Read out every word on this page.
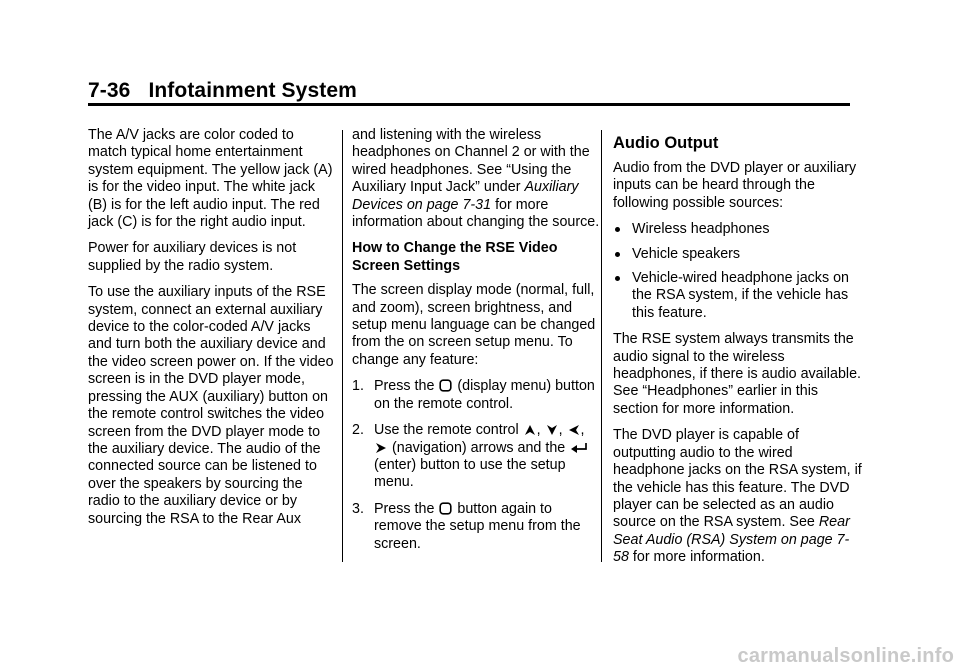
7-36 Infotainment System

The A/V jacks are color coded to match typical home entertainment system equipment. The yellow jack (A) is for the video input. The white jack (B) is for the left audio input. The red jack (C) is for the right audio input.

Power for auxiliary devices is not supplied by the radio system.

To use the auxiliary inputs of the RSE system, connect an external auxiliary device to the color-coded A/V jacks and turn both the auxiliary device and the video screen power on. If the video screen is in the DVD player mode, pressing the AUX (auxiliary) button on the remote control switches the video screen from the DVD player mode to the auxiliary device. The audio of the connected source can be listened to over the speakers by sourcing the radio to the auxiliary device or by sourcing the RSA to the Rear Aux

and listening with the wireless headphones on Channel 2 or with the wired headphones. See “Using the Auxiliary Input Jack” under Auxiliary Devices on page 7-31 for more information about changing the source.

How to Change the RSE Video Screen Settings

The screen display mode (normal, full, and zoom), screen brightness, and setup menu language can be changed from the on screen setup menu. To change any feature:

1. Press the (display menu) button on the remote control.
2. Use the remote control , , ,  (navigation) arrows and the  (enter) button to use the setup menu.
3. Press the button again to remove the setup menu from the screen.
Audio Output

Audio from the DVD player or auxiliary inputs can be heard through the following possible sources:

Wireless headphones
Vehicle speakers
Vehicle-wired headphone jacks on the RSA system, if the vehicle has this feature.

The RSE system always transmits the audio signal to the wireless headphones, if there is audio available. See “Headphones” earlier in this section for more information.

The DVD player is capable of outputting audio to the wired headphone jacks on the RSA system, if the vehicle has this feature. The DVD player can be selected as an audio source on the RSA system. See Rear Seat Audio (RSA) System on page 7-58 for more information.

carmanualsonline.info
